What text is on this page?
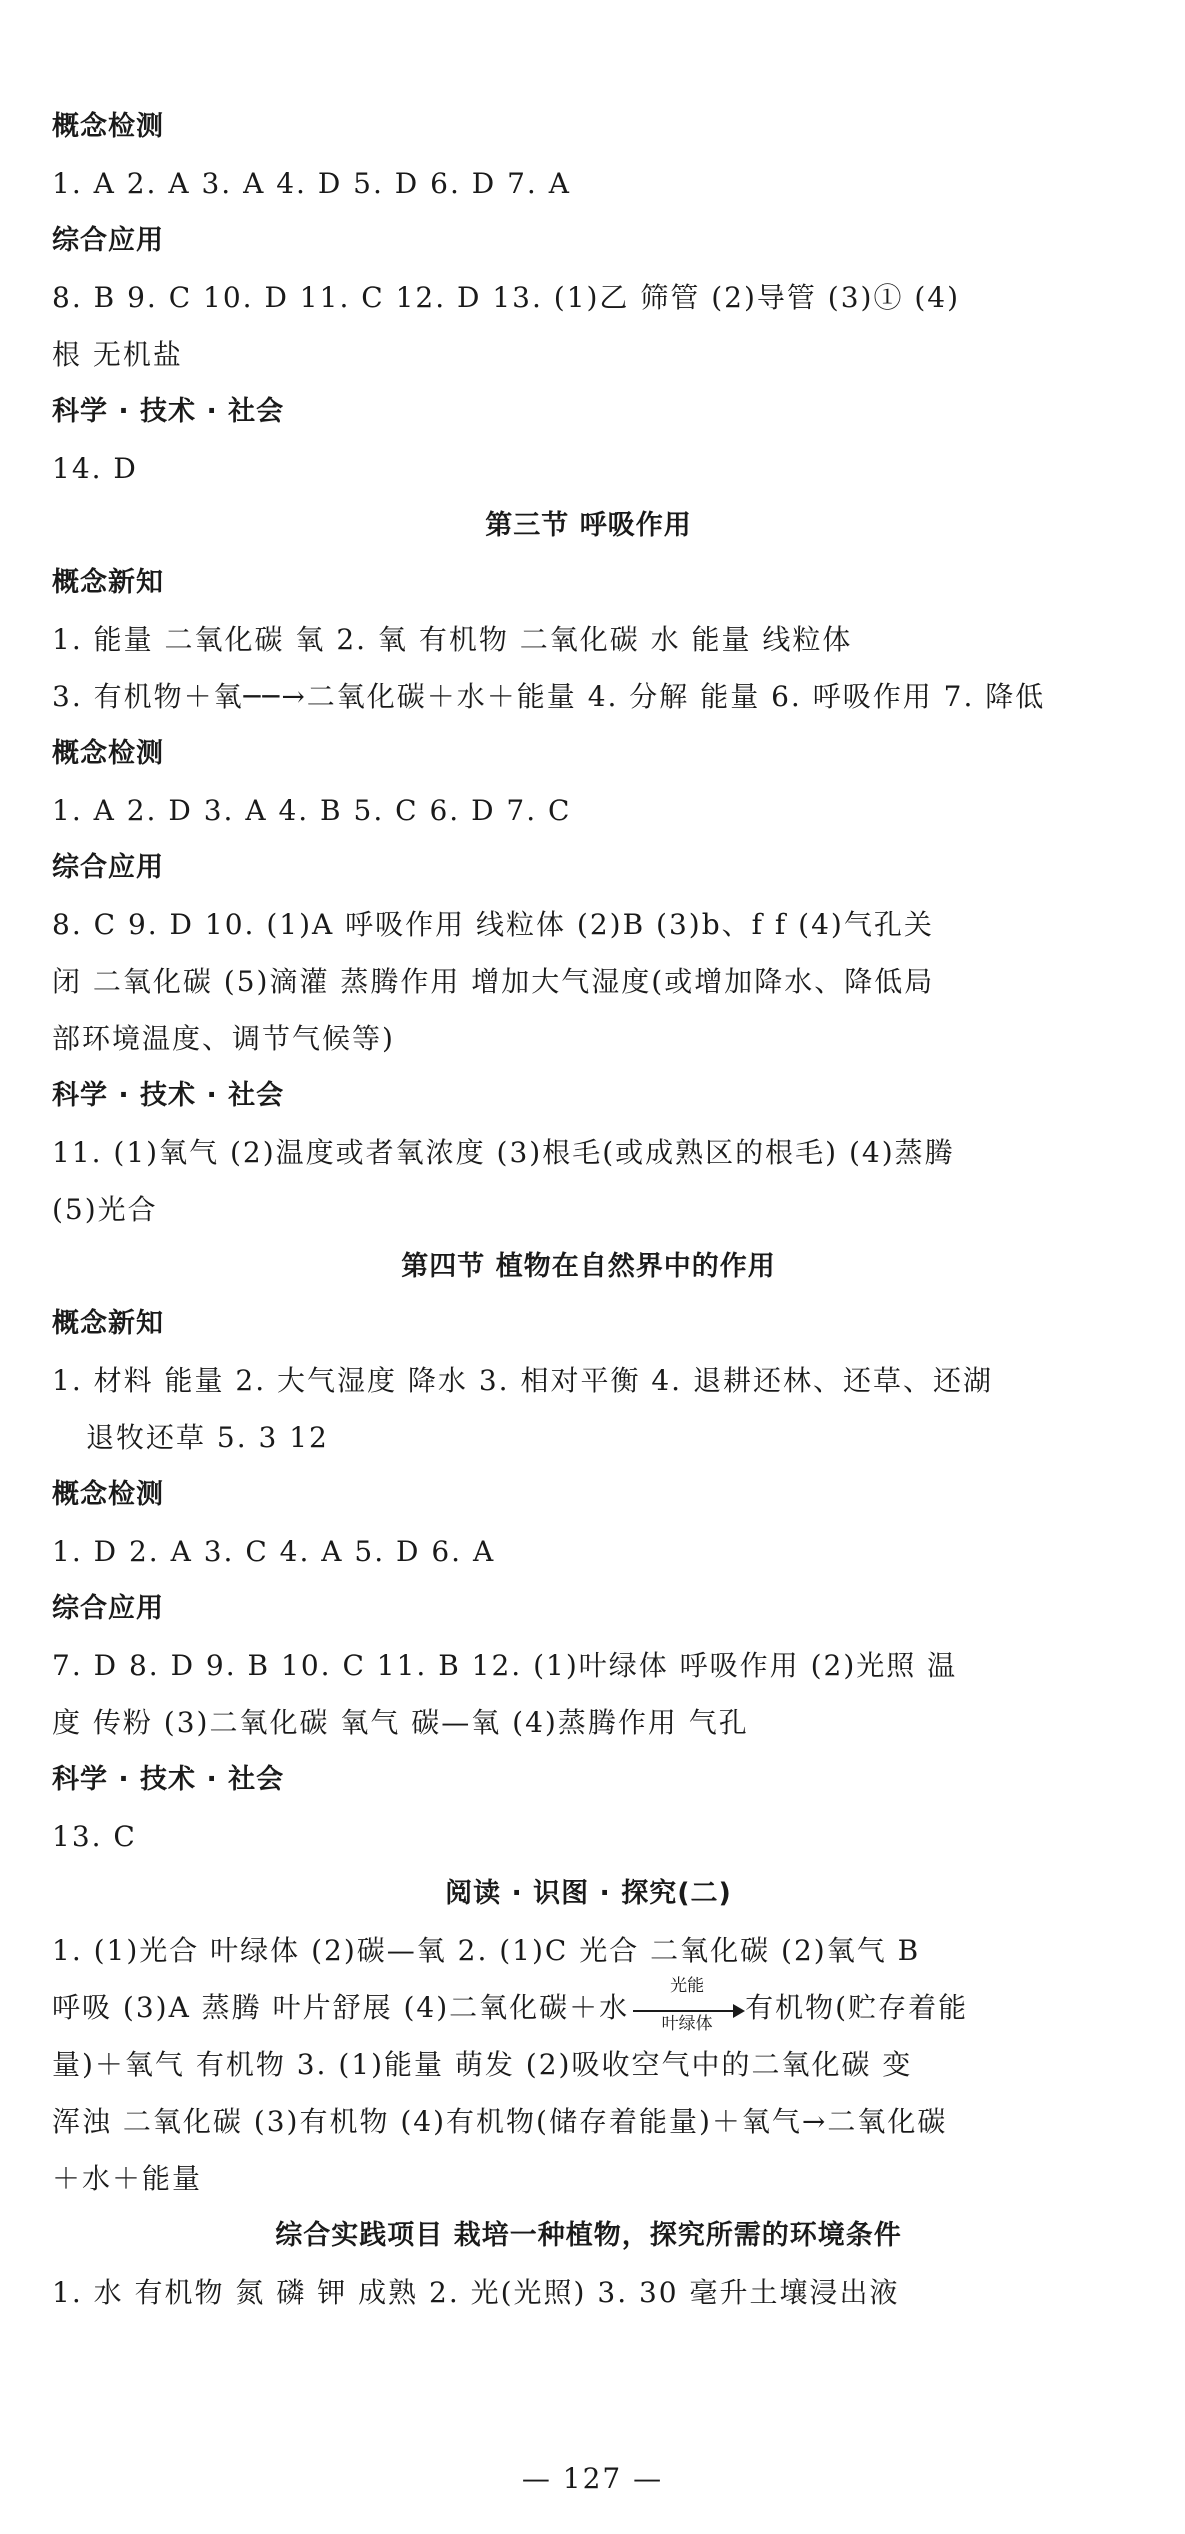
概念检测
1. A 2. A 3. A 4. D 5. D 6. D 7. A
综合应用
8. B 9. C 10. D 11. C 12. D 13. (1)乙 筛管 (2)导管 (3)① (4)
根 无机盐
科学 · 技术 · 社会
14. D
第三节 呼吸作用
概念新知
1. 能量 二氧化碳 氧 2. 氧 有机物 二氧化碳 水 能量 线粒体
3. 有机物＋氧──→二氧化碳＋水＋能量 4. 分解 能量 6. 呼吸作用 7. 降低
概念检测
1. A 2. D 3. A 4. B 5. C 6. D 7. C
综合应用
8. C 9. D 10. (1)A 呼吸作用 线粒体 (2)B (3)b、f f (4)气孔关
闭 二氧化碳 (5)滴灌 蒸腾作用 增加大气湿度(或增加降水、降低局
部环境温度、调节气候等)
科学 · 技术 · 社会
11. (1)氧气 (2)温度或者氧浓度 (3)根毛(或成熟区的根毛) (4)蒸腾
(5)光合
第四节 植物在自然界中的作用
概念新知
1. 材料 能量 2. 大气湿度 降水 3. 相对平衡 4. 退耕还林、还草、还湖
退牧还草 5. 3 12
概念检测
1. D 2. A 3. C 4. A 5. D 6. A
综合应用
7. D 8. D 9. B 10. C 11. B 12. (1)叶绿体 呼吸作用 (2)光照 温
度 传粉 (3)二氧化碳 氧气 碳—氧 (4)蒸腾作用 气孔
科学 · 技术 · 社会
13. C
阅读 · 识图 · 探究(二)
1. (1)光合 叶绿体 (2)碳—氧 2. (1)C 光合 二氧化碳 (2)氧气 B
呼吸 (3)A 蒸腾 叶片舒展 (4)二氧化碳＋水
光能
叶绿体	有机物(贮存着能
量)＋氧气 有机物 3. (1)能量 萌发 (2)吸收空气中的二氧化碳 变
浑浊 二氧化碳 (3)有机物 (4)有机物(储存着能量)＋氧气→二氧化碳
＋水＋能量
综合实践项目 栽培一种植物，探究所需的环境条件
1. 水 有机物 氮 磷 钾 成熟 2. 光(光照) 3. 30 毫升土壤浸出液
— 127 —
